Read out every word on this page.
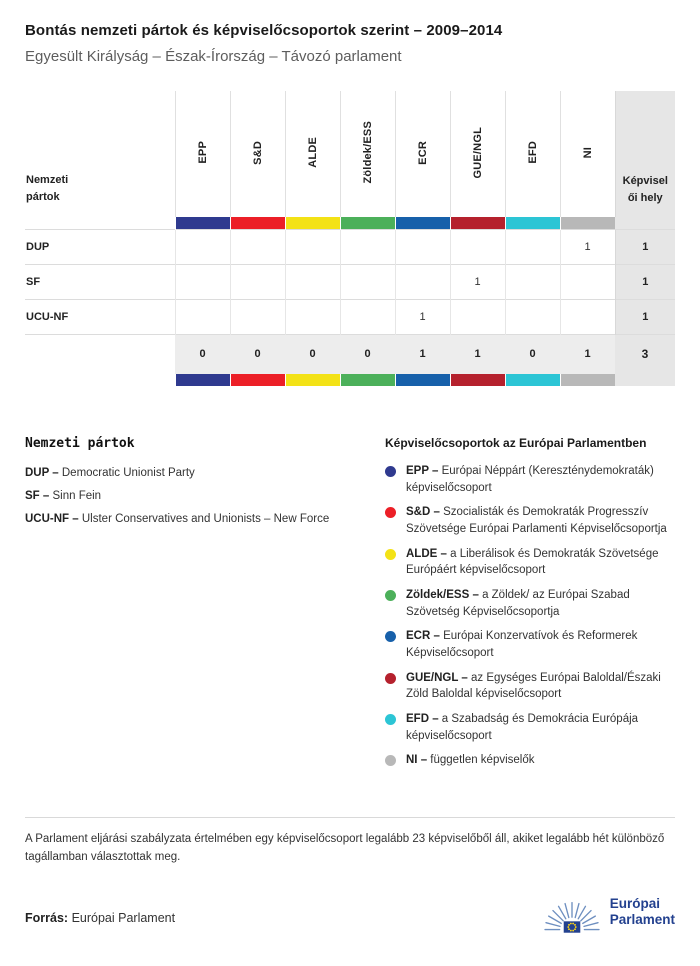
Bontás nemzeti pártok és képviselőcsoportok szerint – 2009–2014
Egyesült Királyság – Észak-Írország – Távozó parlament
Nemzeti pártok	EPP	S&D	ALDE	Zöldek/ESS	ECR	GUE/NGL	EFD	NI	Képviselői hely

DUP								1	1
SF						1			1
UCU-NF					1				1
	0	0	0	0	1	1	0	1	3

Nemzeti pártok
DUP – Democratic Unionist Party
SF – Sinn Fein
UCU-NF – Ulster Conservatives and Unionists – New Force
Képviselőcsoportok az Európai Parlamentben
EPP – Európai Néppárt (Kereszténydemokraták) képviselőcsoport
S&D – Szocialisták és Demokraták Progresszív Szövetsége Európai Parlamenti Képviselőcsoportja
ALDE – a Liberálisok és Demokraták Szövetsége Európáért képviselőcsoport
Zöldek/ESS – a Zöldek/ az Európai Szabad Szövetség Képviselőcsoportja
ECR – Európai Konzervatívok és Reformerek Képviselőcsoport
GUE/NGL – az Egységes Európai Baloldal/Északi Zöld Baloldal képviselőcsoport
EFD – a Szabadság és Demokrácia Európája képviselőcsoport
NI – független képviselők

A Parlament eljárási szabályzata értelmében egy képviselőcsoport legalább 23 képviselőből áll, akiket legalább hét különböző tagállamban választottak meg.

Forrás: Európai Parlament
Európai
Parlament
